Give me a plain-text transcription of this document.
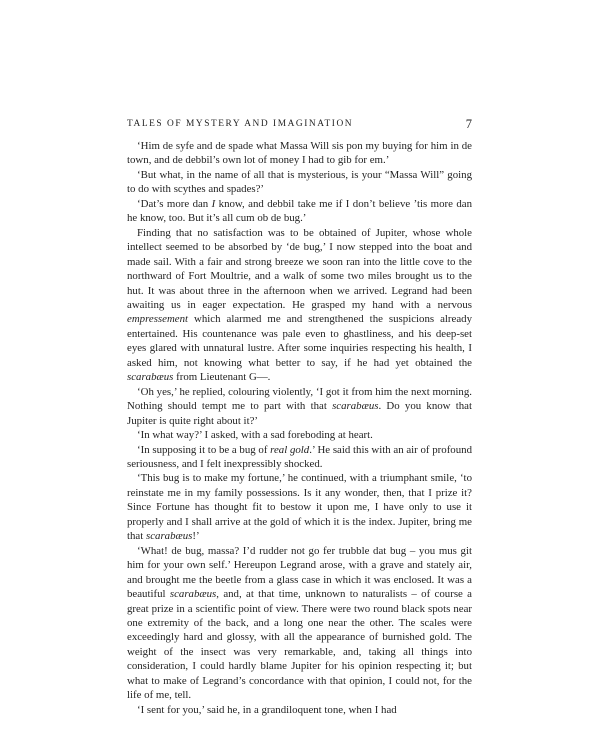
TALES OF MYSTERY AND IMAGINATION	7

‘Him de syfe and de spade what Massa Will sis pon my buying for him in de town, and de debbil’s own lot of money I had to gib for em.’

‘But what, in the name of all that is mysterious, is your “Massa Will” going to do with scythes and spades?’

‘Dat’s more dan I know, and debbil take me if I don’t believe ’tis more dan he know, too. But it’s all cum ob de bug.’

Finding that no satisfaction was to be obtained of Jupiter, whose whole intellect seemed to be absorbed by ‘de bug,’ I now stepped into the boat and made sail. With a fair and strong breeze we soon ran into the little cove to the northward of Fort Moultrie, and a walk of some two miles brought us to the hut. It was about three in the afternoon when we arrived. Legrand had been awaiting us in eager expectation. He grasped my hand with a nervous empressement which alarmed me and strengthened the suspicions already entertained. His countenance was pale even to ghastliness, and his deep-set eyes glared with unnatural lustre. After some inquiries respecting his health, I asked him, not knowing what better to say, if he had yet obtained the scarabæus from Lieutenant G—.

‘Oh yes,’ he replied, colouring violently, ‘I got it from him the next morning. Nothing should tempt me to part with that scarabæus. Do you know that Jupiter is quite right about it?’

‘In what way?’ I asked, with a sad foreboding at heart.

‘In supposing it to be a bug of real gold.’ He said this with an air of profound seriousness, and I felt inexpressibly shocked.

‘This bug is to make my fortune,’ he continued, with a triumphant smile, ‘to reinstate me in my family possessions. Is it any wonder, then, that I prize it? Since Fortune has thought fit to bestow it upon me, I have only to use it properly and I shall arrive at the gold of which it is the index. Jupiter, bring me that scarabæus!’

‘What! de bug, massa? I’d rudder not go fer trubble dat bug – you mus git him for your own self.’ Hereupon Legrand arose, with a grave and stately air, and brought me the beetle from a glass case in which it was enclosed. It was a beautiful scarabæus, and, at that time, unknown to naturalists – of course a great prize in a scientific point of view. There were two round black spots near one extremity of the back, and a long one near the other. The scales were exceedingly hard and glossy, with all the appearance of burnished gold. The weight of the insect was very remarkable, and, taking all things into consideration, I could hardly blame Jupiter for his opinion respecting it; but what to make of Legrand’s concordance with that opinion, I could not, for the life of me, tell.

‘I sent for you,’ said he, in a grandiloquent tone, when I had
